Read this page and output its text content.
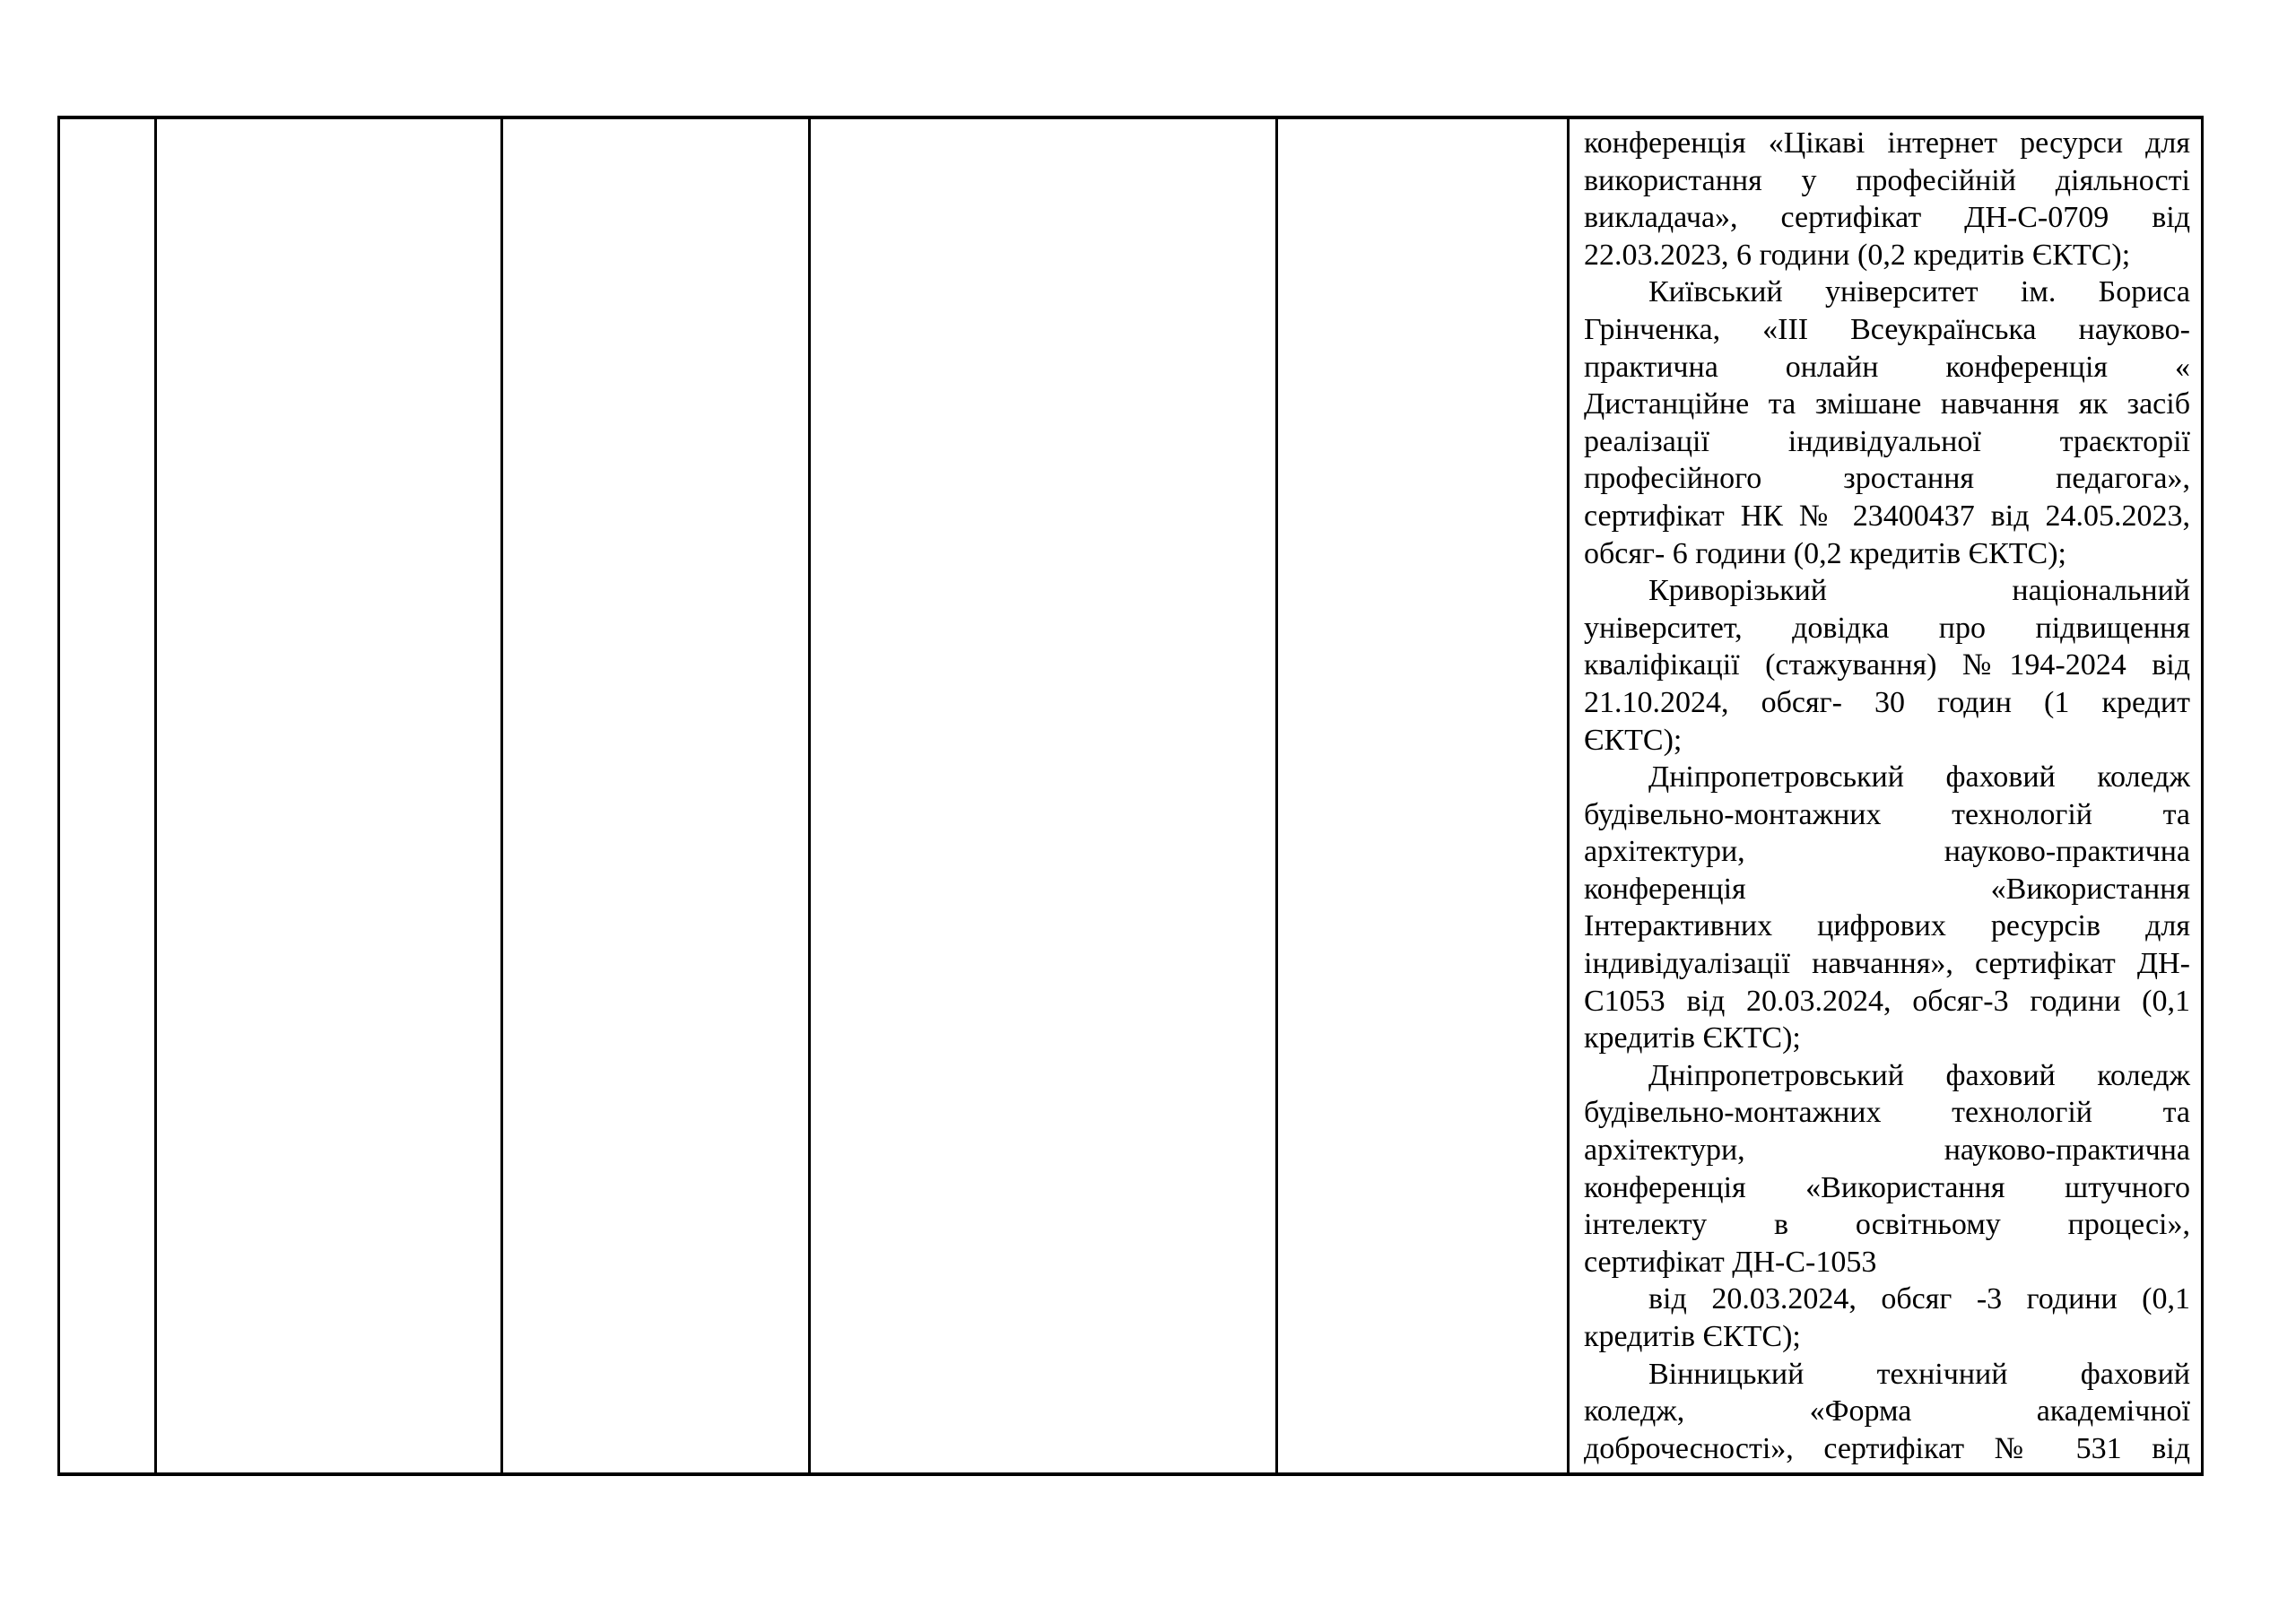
конференція «Цікаві інтернет ресурси для
використання у професійній діяльності
викладача», сертифікат ДН-С-0709 від
22.03.2023, 6 години (0,2 кредитів ЄКТС);
Київський університет ім. Бориса
Грінченка, «ІІІ Всеукраїнська науково-
практична онлайн конференція «
Дистанційне та змішане навчання як засіб
реалізації індивідуальної траєкторії
професійного зростання педагога»,
сертифікат НК № 23400437 від 24.05.2023,
обсяг- 6 години (0,2 кредитів ЄКТС);
Криворізький національний
університет, довідка про підвищення
кваліфікації (стажування) №194-2024 від
21.10.2024, обсяг- 30 годин (1 кредит
ЄКТС);
Дніпропетровський фаховий коледж
будівельно-монтажних технологій та
архітектури, науково-практична
конференція «Використання
Інтерактивних цифрових ресурсів для
індивідуалізації навчання», сертифікат ДН-
С1053 від 20.03.2024, обсяг-3 години (0,1
кредитів ЄКТС);
Дніпропетровський фаховий коледж
будівельно-монтажних технологій та
архітектури, науково-практична
конференція «Використання штучного
інтелекту в освітньому процесі»,
сертифікат ДН-С-1053
від 20.03.2024, обсяг -3 години (0,1
кредитів ЄКТС);
Вінницький технічний фаховий
коледж, «Форма академічної
доброчесності», сертифікат № 531 від
